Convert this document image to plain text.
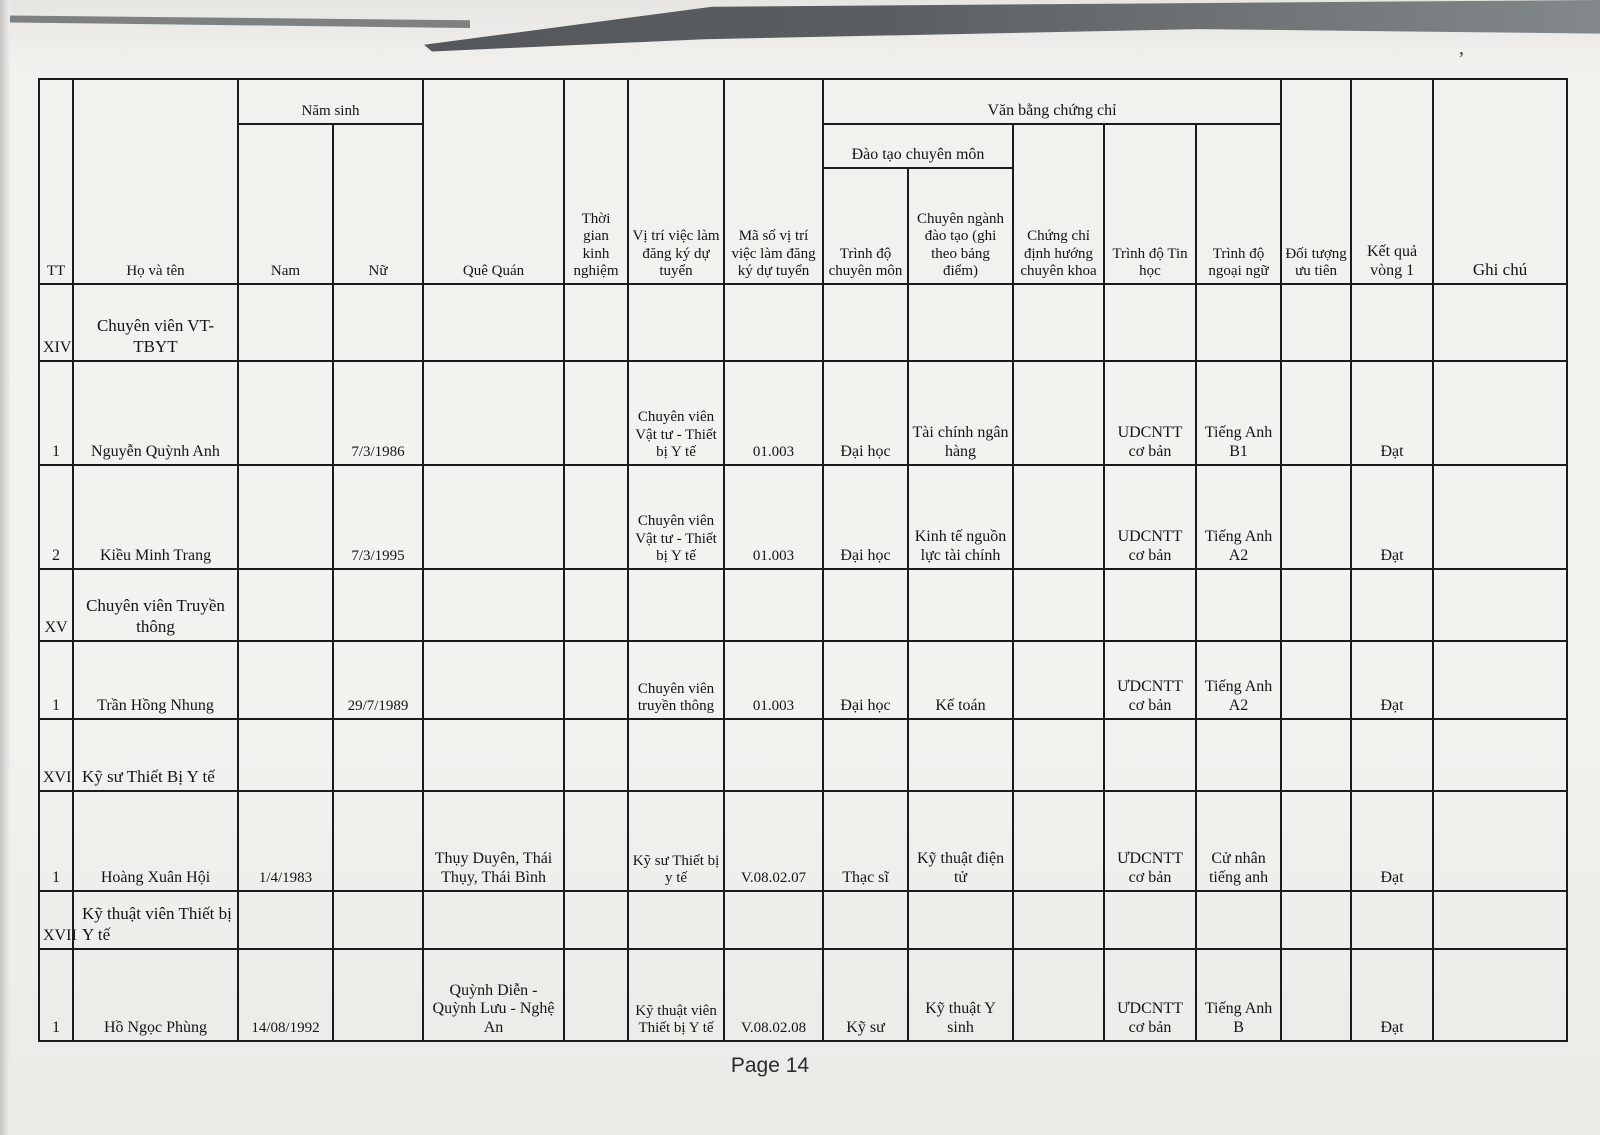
’
TT	Họ và tên	Năm sinh		Quê Quán	Thời gian kinh nghiệm	Vị trí việc làm đăng ký dự tuyển	Mã số vị trí việc làm đăng ký dự tuyển	Văn bằng chứng chỉ					Đối tượng ưu tiên	Kết quả vòng 1	Ghi chú
		Nam	Nữ					Đào tạo chuyên môn		Chứng chỉ định hướng chuyên khoa	Trình độ Tin học	Trình độ ngoại ngữ			
								Trình độ chuyên môn	Chuyên ngành đào tạo (ghi theo bảng điểm)						
XIV	Chuyên viên VT-TBYT														
1	Nguyễn Quỳnh Anh		7/3/1986			Chuyên viên Vật tư - Thiết bị Y tế	01.003	Đại học	Tài chính ngân hàng		UDCNTT cơ bản	Tiếng Anh B1		Đạt	
2	Kiều Minh Trang		7/3/1995			Chuyên viên Vật tư - Thiết bị Y tế	01.003	Đại học	Kinh tế nguồn lực tài chính		UDCNTT cơ bản	Tiếng Anh A2		Đạt	
XV	Chuyên viên Truyền thông														
1	Trần Hồng Nhung		29/7/1989			Chuyên viên truyền thông	01.003	Đại học	Kế toán		ƯDCNTT cơ bản	Tiếng Anh A2		Đạt	
XVI	Kỹ sư Thiết Bị Y tế														
1	Hoàng Xuân Hội	1/4/1983		Thụy Duyên, Thái Thụy, Thái Bình		Kỹ sư Thiết bị y tế	V.08.02.07	Thạc sĩ	Kỹ thuật điện tử		ƯDCNTT cơ bản	Cử nhân tiếng anh		Đạt	
XVII	Kỹ thuật viên Thiết bị Y tế														
1	Hồ Ngọc Phùng	14/08/1992		Quỳnh Diễn - Quỳnh Lưu - Nghệ An		Kỹ thuật viên Thiết bị Y tế	V.08.02.08	Kỹ sư	Kỹ thuật Y sinh		ƯDCNTT cơ bản	Tiếng Anh B		Đạt	
Page 14
